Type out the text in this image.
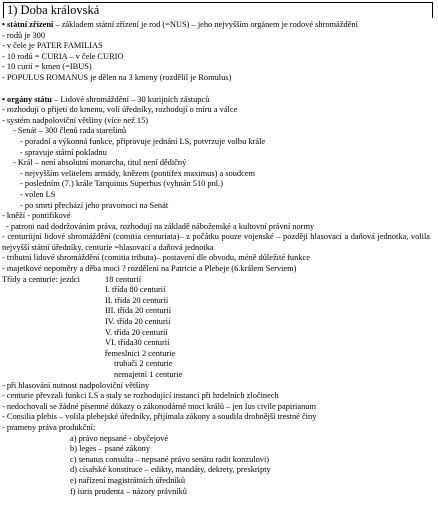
1) Doba královská
• státní zřízení – základem státní zřízení je rod (=NUS) – jeho nejvyšším orgánem je rodové shromáždění
- rodů je 300
- v čele je PATER FAMILIAS
- 10 rodů = CURIA – v čele CURIO
- 10 curií = kmen (=IBUS)
- POPULUS ROMANUS je dělen na 3 kmeny (rozdělil je Romulus)
• orgány státu – Lidové shromáždění – 30 kurijních zástupců
- rozhodují o přijetí do kmenu, volí úředníky, rozhodují o míru a válce
- systém nadpoloviční většiny (více než 15)
- Senát – 300 členů rada starešinů
- poradní a výkonná funkce, připravuje jednání LS, potvrzuje volbu krále
- spravuje státní pokladnu
- Král – není absolutní monarcha, titul není dědičný
- nejvyšším velitelem armády, knězem (pontifex maximus) a soudcem
- posledním (7.) krále Tarquinus Superbus (vyhnán 510 pnl.)
- volen LS
- po smrti přechází jeho pravomoci na Senát
- kněží - pontifikové
- patroni nad dodržováním práva, rozhodují na základě náboženské a kultovní právní normy
- centuriijní lidové shromáždění (comitia centuriata)– z počátku pouze vojenské – později hlasovací a daňová jednotka, volila nejvyšší státní úředníky, centurie =hlasovací a daňová jednotka
- tributní lidové shromáždění (comitia tributa)– postavení dle obvodu, méně důležité funkce
- majetkové nepoměry a děba moci ? rozdělení na Patricie a Plebeje (6.králem Serviem)
Třídy a centurie: jezdci	18 centurií
I. třída 80 centurií
II. třída 20 centurií
III. třída 20 centurií
IV. třída 20 centurií
V. třída 20 centurií
VI. třída30 centurií
řemeslníci 2 centurie
trubači 2 centurie
nemajetní 1 centurie
- při hlasování nutnost nadpoloviční většiny
- centurie převzali funkci LS a staly se rozhodující instancí při hrdelních zločinech
- nedochovali se žádné písemné důkazy o zákonodárné moci králů – jen Ius civile papirianum
- Consilia plebis – volila plebejské úředníky, přijímala zákony a soudila drobnější trestné činy
- prameny práva produkční:
a) právo nepsané - obyčejové
b) leges – psané zákony
c) senatus consulta – nepsané právo senátu radit konzulovi)
d) císařské konstituce – edikty, mandáty, dekrety, preskripty
e) nařízení magistrátních úředníků
f) iuris prudenta – názory právníků
